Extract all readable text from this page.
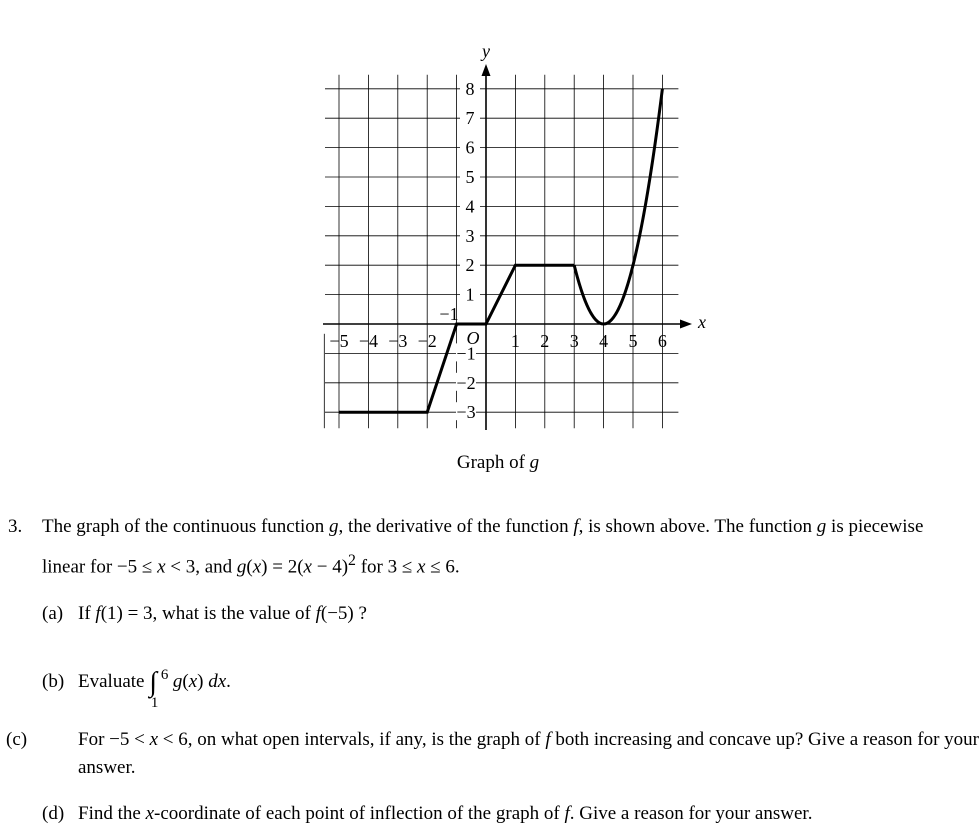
−5 −4 −3 −2	1 2 3 4 5 6
8
7
6
5
4
3
2
1
−1
−2
−3
y
x
O
−1
Graph of g
3. The graph of the continuous function g, the derivative of the function f, is shown above. The function g is piecewise linear for −5 ≤ x < 3, and $g(x) = 2(x - 4)^2$ for 3 ≤ x ≤ 6.
(a) If f(1) = 3, what is the value of f(−5) ?
(b) Evaluate ∫ 6
1
g(x) dx.
(c)	For −5 < x < 6, on what open intervals, if any, is the graph of f both increasing and concave up? Give a reason for your answer.
(d) Find the x-coordinate of each point of inflection of the graph of f. Give a reason for your answer.
